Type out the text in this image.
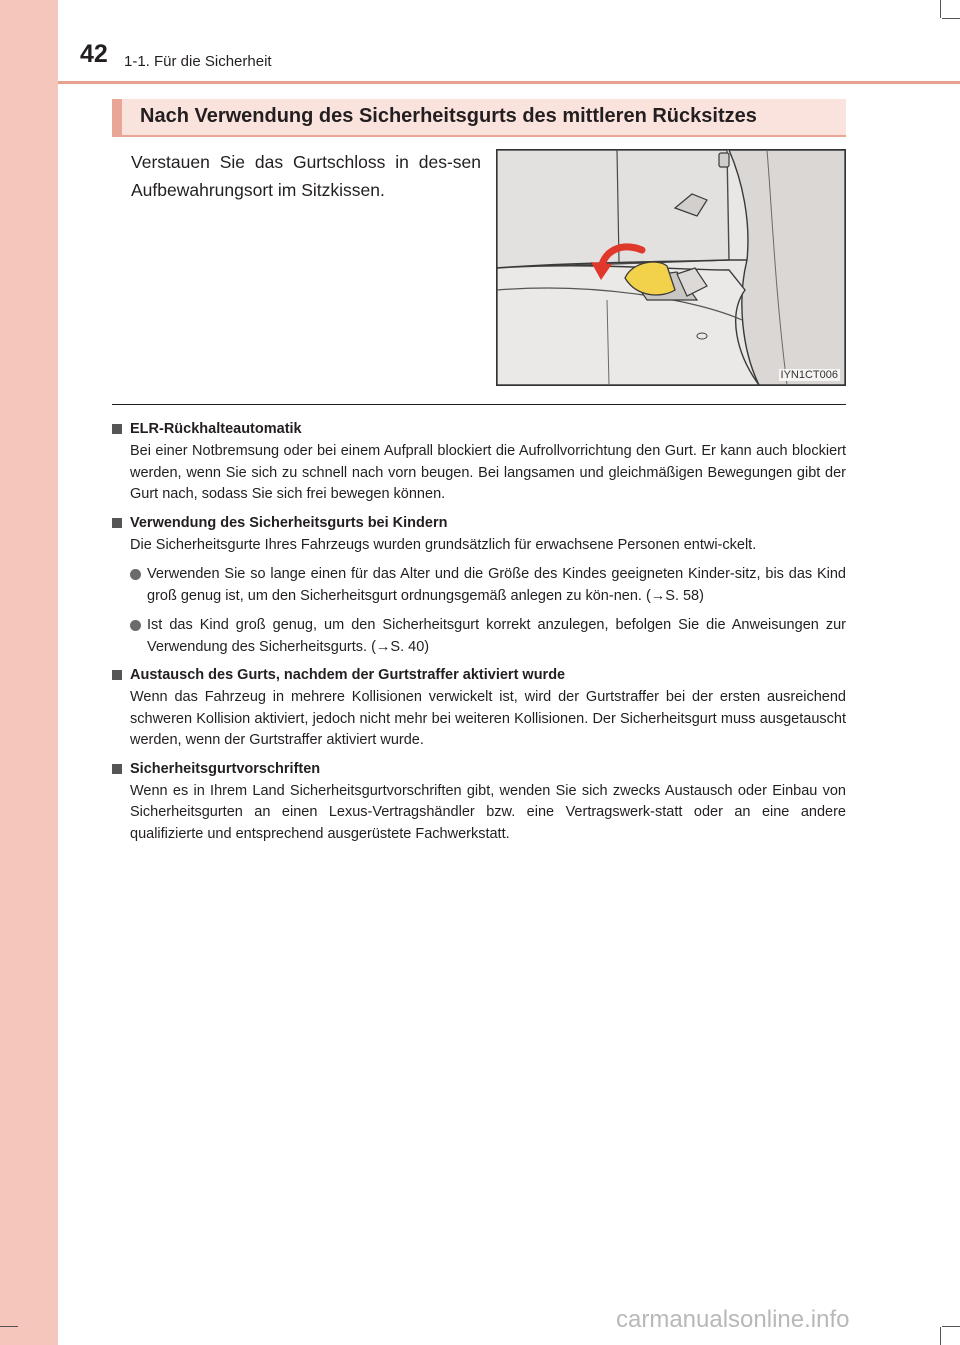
42 1-1. Für die Sicherheit
Nach Verwendung des Sicherheitsgurts des mittleren Rücksitzes
Verstauen Sie das Gurtschloss in des-sen Aufbewahrungsort im Sitzkissen.
IYN1CT006
ELR-Rückhalteautomatik
Bei einer Notbremsung oder bei einem Aufprall blockiert die Aufrollvorrichtung den Gurt. Er kann auch blockiert werden, wenn Sie sich zu schnell nach vorn beugen. Bei langsamen und gleichmäßigen Bewegungen gibt der Gurt nach, sodass Sie sich frei bewegen können.
Verwendung des Sicherheitsgurts bei Kindern
Die Sicherheitsgurte Ihres Fahrzeugs wurden grundsätzlich für erwachsene Personen entwi-ckelt.
Verwenden Sie so lange einen für das Alter und die Größe des Kindes geeigneten Kinder-sitz, bis das Kind groß genug ist, um den Sicherheitsgurt ordnungsgemäß anlegen zu kön-nen. (→S. 58)
Ist das Kind groß genug, um den Sicherheitsgurt korrekt anzulegen, befolgen Sie die Anweisungen zur Verwendung des Sicherheitsgurts. (→S. 40)
Austausch des Gurts, nachdem der Gurtstraffer aktiviert wurde
Wenn das Fahrzeug in mehrere Kollisionen verwickelt ist, wird der Gurtstraffer bei der ersten ausreichend schweren Kollision aktiviert, jedoch nicht mehr bei weiteren Kollisionen. Der Sicherheitsgurt muss ausgetauscht werden, wenn der Gurtstraffer aktiviert wurde.
Sicherheitsgurtvorschriften
Wenn es in Ihrem Land Sicherheitsgurtvorschriften gibt, wenden Sie sich zwecks Austausch oder Einbau von Sicherheitsgurten an einen Lexus-Vertragshändler bzw. eine Vertragswerk-statt oder an eine andere qualifizierte und entsprechend ausgerüstete Fachwerkstatt.
carmanualsonline.info
